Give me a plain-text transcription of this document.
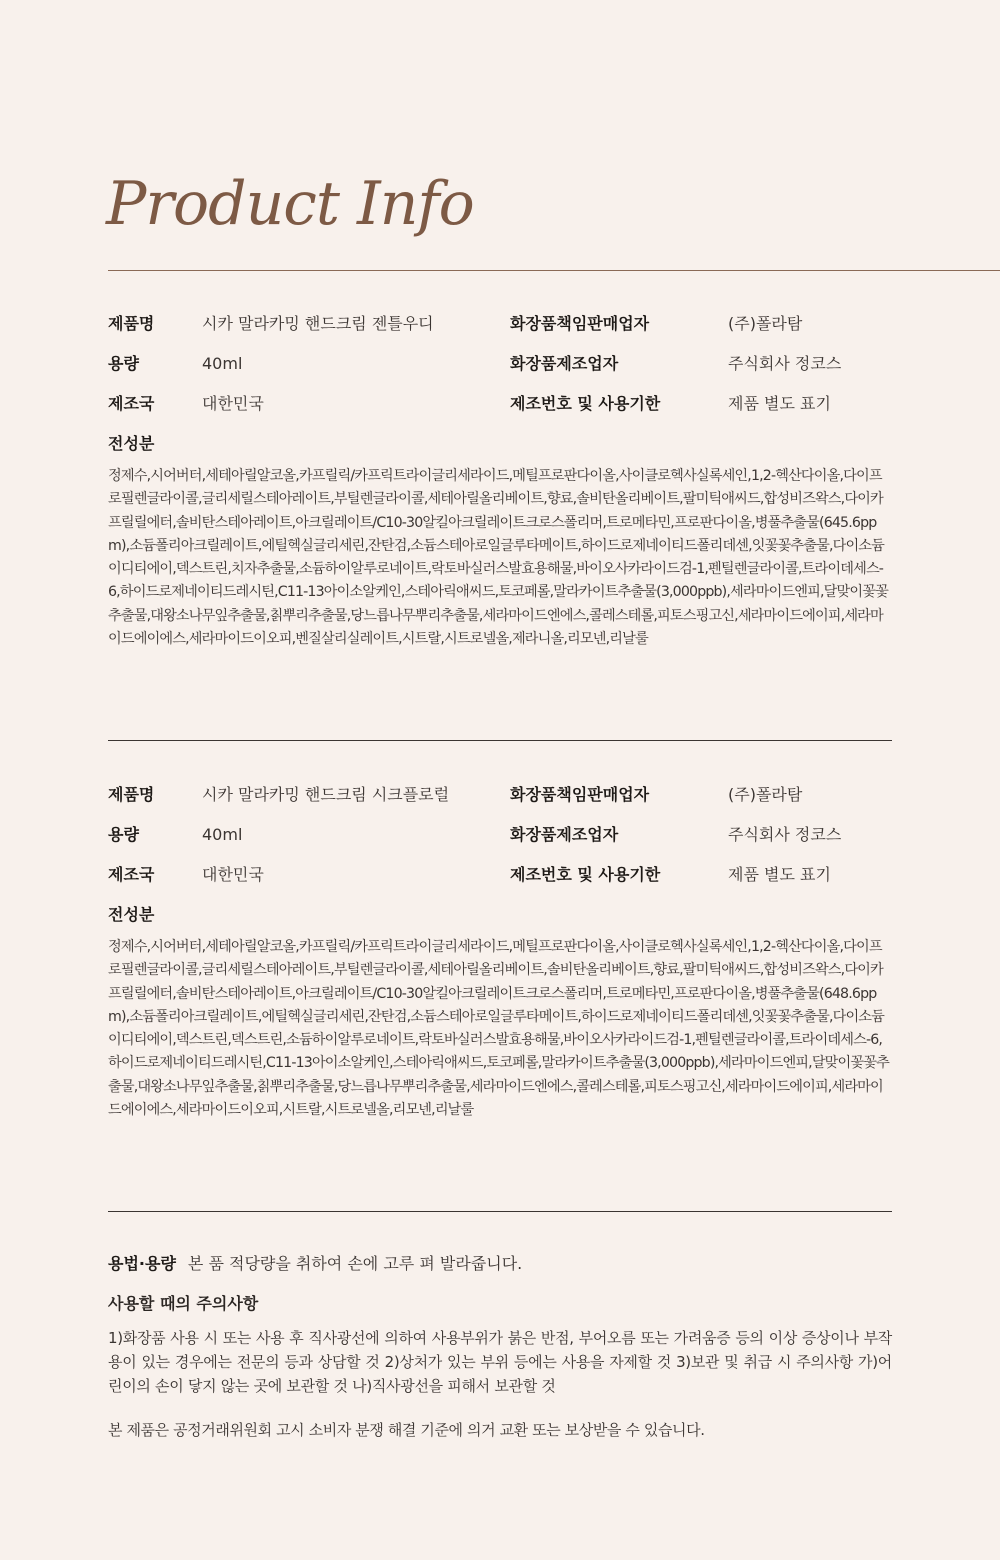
Product Info
제품명	시카 말라카밍 핸드크림 젠틀우디	화장품책임판매업자	(주)폴라탐
용량	40ml	화장품제조업자	주식회사 정코스
제조국	대한민국	제조번호 및 사용기한	제품 별도 표기
전성분

정제수,시어버터,세테아릴알코올,카프릴릭/카프릭트라이글리세라이드,메틸프로판다이올,사이클로헥사실록세인,1,2-헥산다이올,다이프로필렌글라이콜,글리세릴스테아레이트,부틸렌글라이콜,세테아릴올리베이트,향료,솔비탄올리베이트,팔미틱애씨드,합성비즈왁스,다이카프릴릴에터,솔비탄스테아레이트,아크릴레이트/C10-30알킬아크릴레이트크로스폴리머,트로메타민,프로판다이올,병풀추출물(645.6ppm),소듐폴리아크릴레이트,에틸헥실글리세린,잔탄검,소듐스테아로일글루타메이트,하이드로제네이티드폴리데센,잇꽃꽃추출물,다이소듐이디티에이,덱스트린,치자추출물,소듐하이알루로네이트,락토바실러스발효용해물,바이오사카라이드검-1,펜틸렌글라이콜,트라이데세스-6,하이드로제네이티드레시틴,C11-13아이소알케인,스테아릭애씨드,토코페롤,말라카이트추출물(3,000ppb),세라마이드엔피,달맞이꽃꽃추출물,대왕소나무잎추출물,칡뿌리추출물,당느릅나무뿌리추출물,세라마이드엔에스,콜레스테롤,피토스핑고신,세라마이드에이피,세라마이드에이에스,세라마이드이오피,벤질살리실레이트,시트랄,시트로넬올,제라니올,리모넨,리날룰

제품명	시카 말라카밍 핸드크림 시크플로럴	화장품책임판매업자	(주)폴라탐
용량	40ml	화장품제조업자	주식회사 정코스
제조국	대한민국	제조번호 및 사용기한	제품 별도 표기
전성분

정제수,시어버터,세테아릴알코올,카프릴릭/카프릭트라이글리세라이드,메틸프로판다이올,사이클로헥사실록세인,1,2-헥산다이올,다이프로필렌글라이콜,글리세릴스테아레이트,부틸렌글라이콜,세테아릴올리베이트,솔비탄올리베이트,향료,팔미틱애씨드,합성비즈왁스,다이카프릴릴에터,솔비탄스테아레이트,아크릴레이트/C10-30알킬아크릴레이트크로스폴리머,트로메타민,프로판다이올,병풀추출물(648.6ppm),소듐폴리아크릴레이트,에틸헥실글리세린,잔탄검,소듐스테아로일글루타메이트,하이드로제네이티드폴리데센,잇꽃꽃추출물,다이소듐이디티에이,덱스트린,덱스트린,소듐하이알루로네이트,락토바실러스발효용해물,바이오사카라이드검-1,펜틸렌글라이콜,트라이데세스-6,하이드로제네이티드레시틴,C11-13아이소알케인,스테아릭애씨드,토코페롤,말라카이트추출물(3,000ppb),세라마이드엔피,달맞이꽃꽃추출물,대왕소나무잎추출물,칡뿌리추출물,당느릅나무뿌리추출물,세라마이드엔에스,콜레스테롤,피토스핑고신,세라마이드에이피,세라마이드에이에스,세라마이드이오피,시트랄,시트로넬올,리모넨,리날룰

용법·용량 본 품 적당량을 취하여 손에 고루 펴 발라줍니다.
사용할 때의 주의사항

1)화장품 사용 시 또는 사용 후 직사광선에 의하여 사용부위가 붉은 반점, 부어오름 또는 가려움증 등의 이상 증상이나 부작용이 있는 경우에는 전문의 등과 상담할 것 2)상처가 있는 부위 등에는 사용을 자제할 것 3)보관 및 취급 시 주의사항 가)어린이의 손이 닿지 않는 곳에 보관할 것 나)직사광선을 피해서 보관할 것

본 제품은 공정거래위원회 고시 소비자 분쟁 해결 기준에 의거 교환 또는 보상받을 수 있습니다.
